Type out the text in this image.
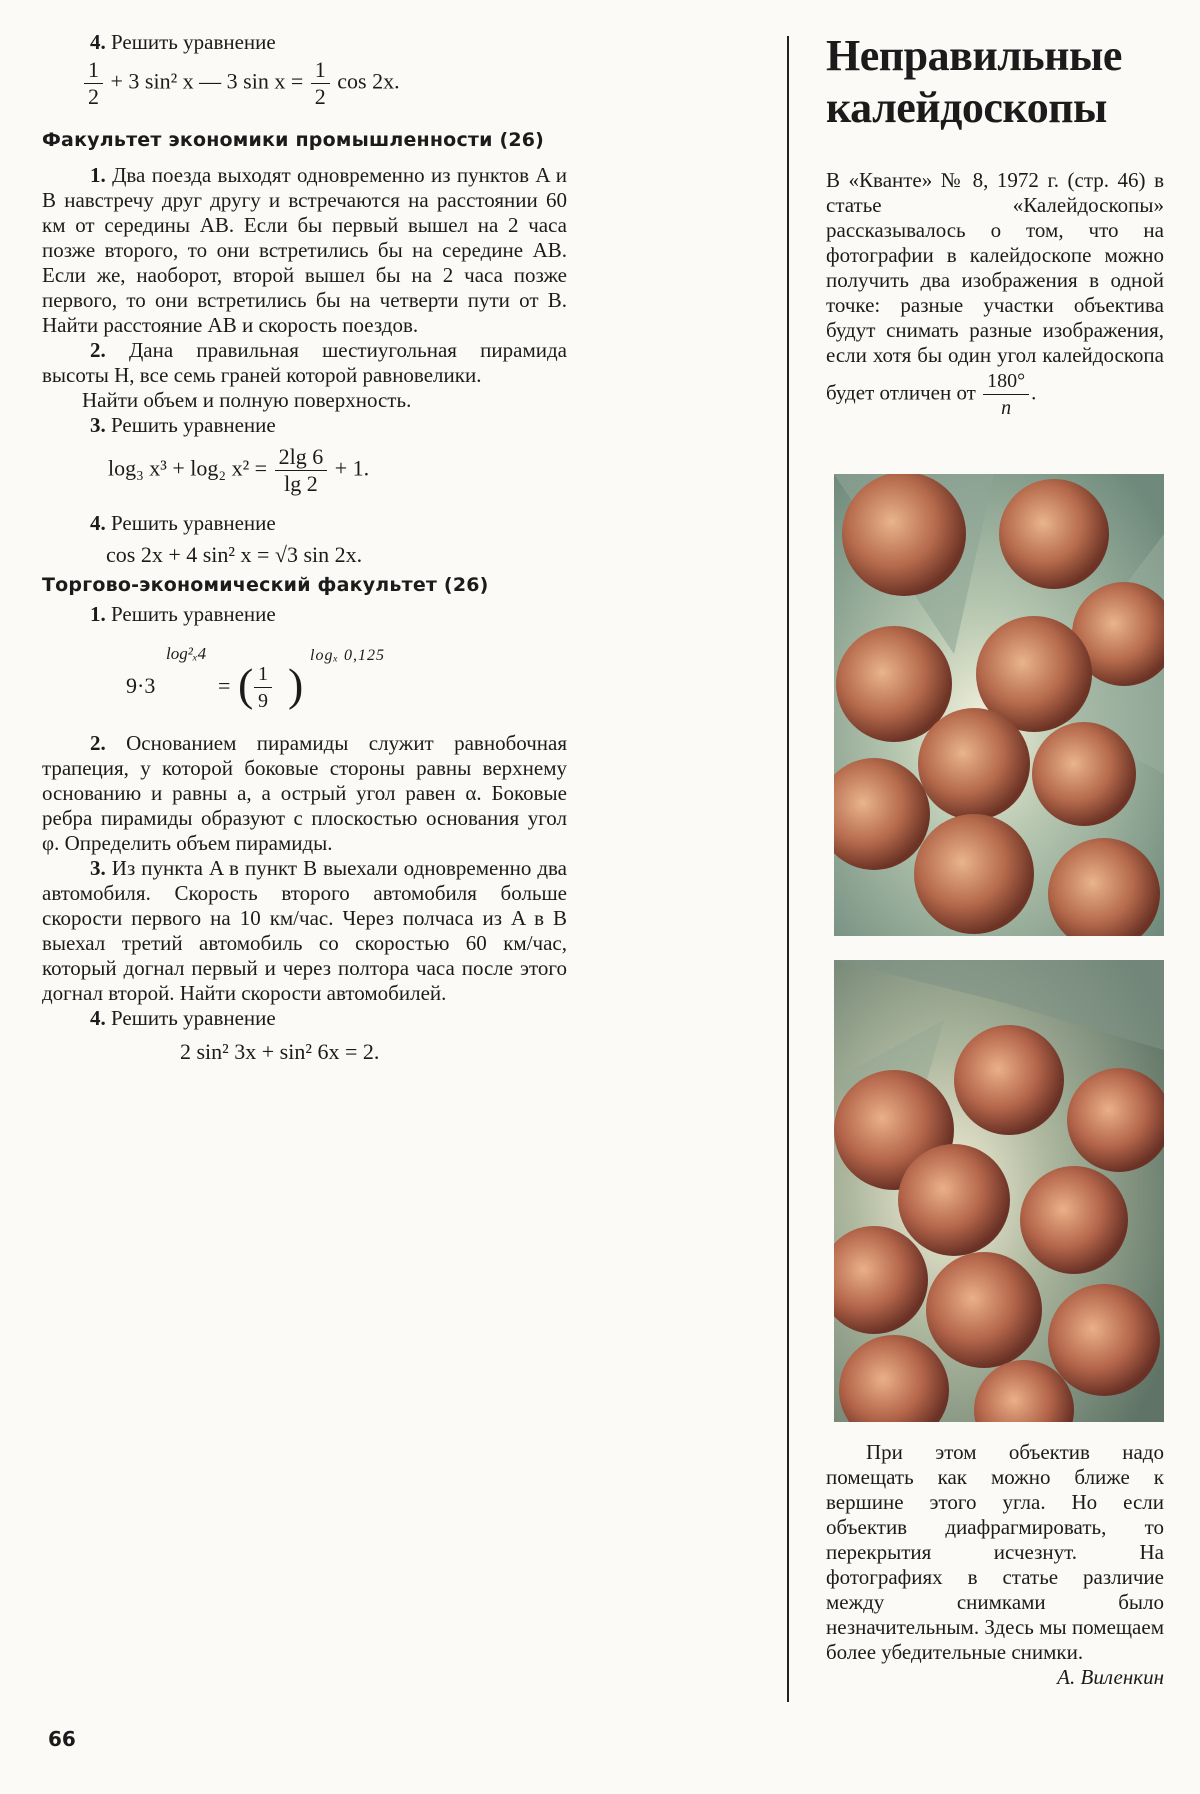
4. Решить уравнение

$\frac{1}{2} + 3$ sin² x — 3 $\sin x = \frac{1}{2}$ cos 2x.

Факультет экономики промышленности (26)

1. Два поезда выходят одновременно из пунктов A и B навстречу друг другу и встречаются на расстоянии 60 км от середины AB. Если бы первый вышел на 2 часа позже второго, то они встретились бы на середине AB. Если же, наоборот, второй вышел бы на 2 часа позже первого, то они встретились бы на четверти пути от B. Найти расстояние AB и скорость поездов.

2. Дана правильная шестиугольная пирамида высоты H, все семь граней которой равновелики.

Найти объем и полную поверхность.

3. Решить уравнение

log₃ x³ + log₂ $x^2 = \frac{2\lg 6}{\lg 2} + 1$.

4. Решить уравнение

cos 2x + 4 sin² x = √3 sin 2x.

Торгово-экономический факультет (26)

1. Решить уравнение

9·3
log²ₓ4
= ( $\frac{1}{9}$ )
logₓ 0,125

2. Основанием пирамиды служит равнобочная трапеция, у которой боковые стороны равны верхнему основанию и равны a, а острый угол равен α. Боковые ребра пирамиды образуют с плоскостью основания угол φ. Определить объем пирамиды.

3. Из пункта A в пункт B выехали одновременно два автомобиля. Скорость второго автомобиля больше скорости первого на 10 км/час. Через полчаса из A в B выехал третий автомобиль со скоростью 60 км/час, который догнал первый и через полтора часа после этого догнал второй. Найти скорости автомобилей.

4. Решить уравнение

2 sin² 3x + sin² 6x = 2.

Неправильные
калейдоскопы

В «Кванте» № 8, 1972 г. (стр. 46) в статье «Калейдоскопы» рассказывалось о том, что на фотографии в калейдоскопе можно получить два изображения в одной точке: разные участки объектива будут снимать разные изображения, если хотя бы один угол калейдоскопа будет отличен от $\frac{180^\circ}{n}$ .

При этом объектив надо помещать как можно ближе к вершине этого угла. Но если объектив диафрагмировать, то перекрытия исчезнут. На фотографиях в статье различие между снимками было незначительным. Здесь мы помещаем более убедительные снимки.

А. Виленкин

66
